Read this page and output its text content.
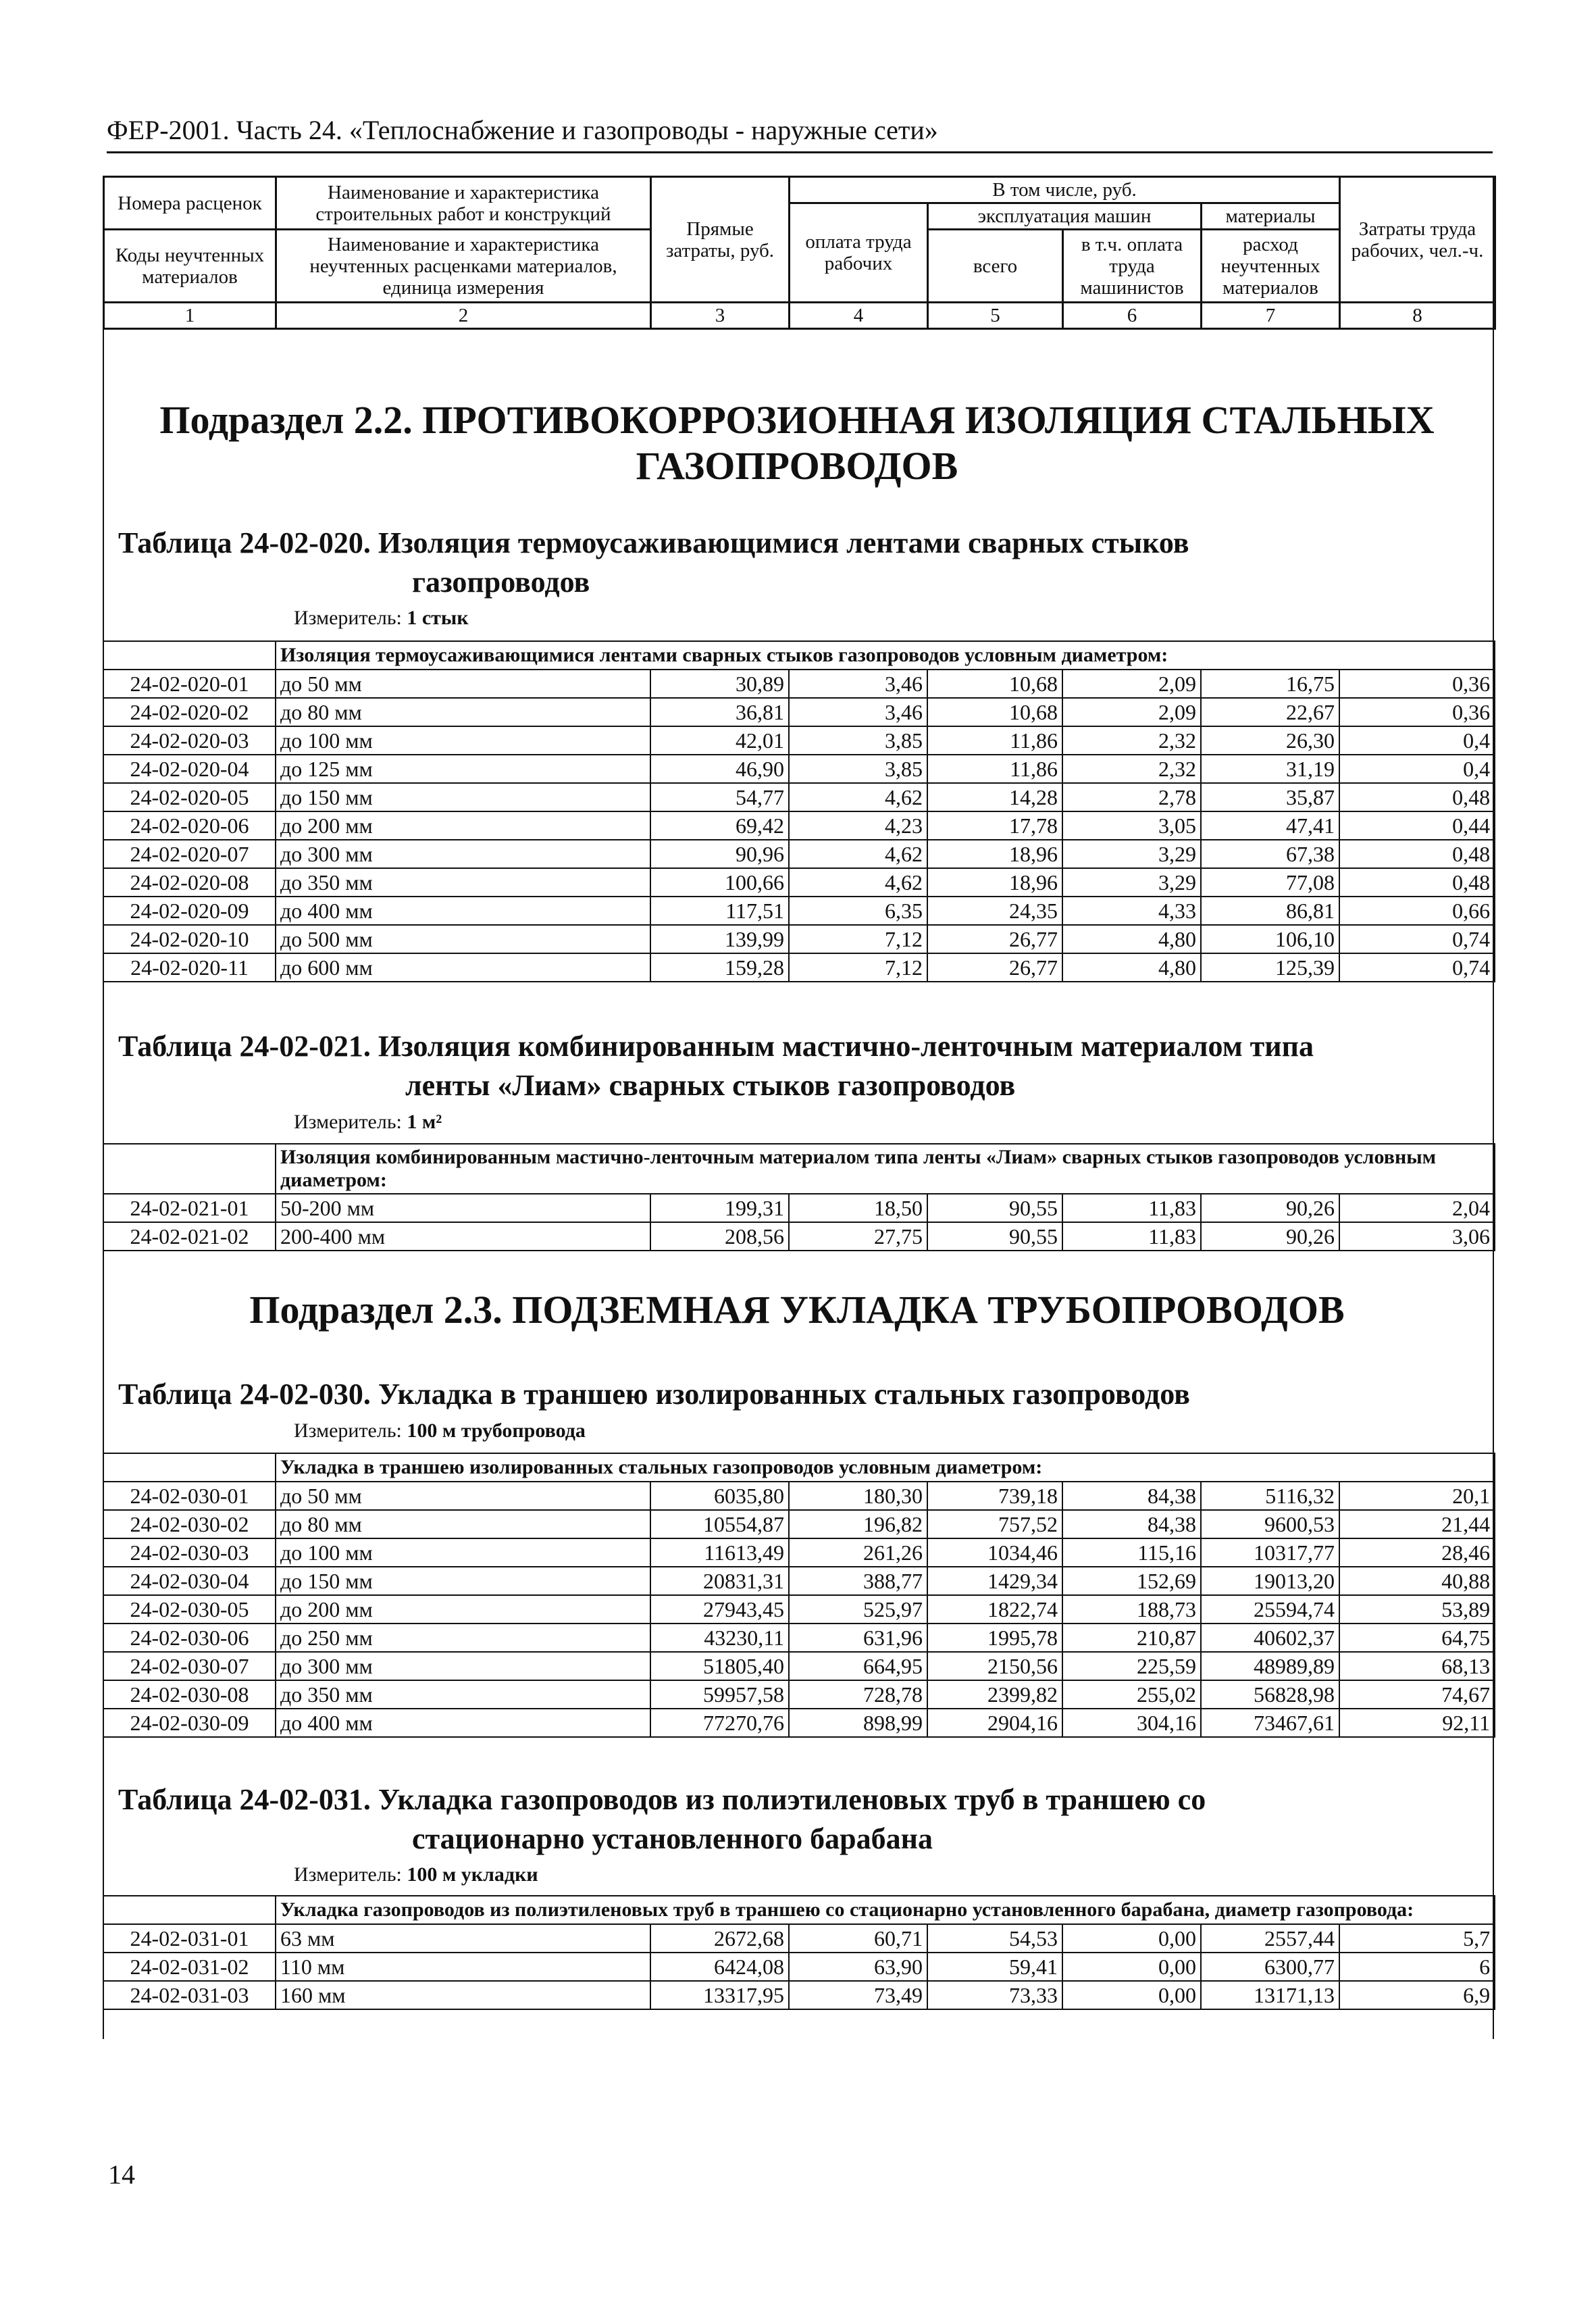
ФЕР-2001. Часть 24. «Теплоснабжение и газопроводы - наружные сети»
Номера расценок	Наименование и характеристика строительных работ и конструкций	Прямые затраты, руб.	В том числе, руб.				Затраты труда рабочих, чел.-ч.
			оплата труда рабочих	эксплуатация машин		материалы	
Коды неучтенных материалов	Наименование и характеристика неучтенных расценками материалов, единица измерения			всего	в т.ч. оплата труда машинистов	расход неучтенных материалов	

1	2	3	4	5	6	7	8
Подраздел 2.2. ПРОТИВОКОРРОЗИОННАЯ ИЗОЛЯЦИЯ СТАЛЬНЫХ ГАЗОПРОВОДОВ
Таблица 24-02-020. Изоляция термоусаживающимися лентами сварных стыков
газопроводов
Измеритель: 1 стык
	Изоляция термоусаживающимися лентами сварных стыков газопроводов условным диаметром:						
24-02-020-01	до 50 мм	30,89	3,46	10,68	2,09	16,75	0,36
24-02-020-02	до 80 мм	36,81	3,46	10,68	2,09	22,67	0,36
24-02-020-03	до 100 мм	42,01	3,85	11,86	2,32	26,30	0,4
24-02-020-04	до 125 мм	46,90	3,85	11,86	2,32	31,19	0,4
24-02-020-05	до 150 мм	54,77	4,62	14,28	2,78	35,87	0,48
24-02-020-06	до 200 мм	69,42	4,23	17,78	3,05	47,41	0,44
24-02-020-07	до 300 мм	90,96	4,62	18,96	3,29	67,38	0,48
24-02-020-08	до 350 мм	100,66	4,62	18,96	3,29	77,08	0,48
24-02-020-09	до 400 мм	117,51	6,35	24,35	4,33	86,81	0,66
24-02-020-10	до 500 мм	139,99	7,12	26,77	4,80	106,10	0,74
24-02-020-11	до 600 мм	159,28	7,12	26,77	4,80	125,39	0,74
Таблица 24-02-021. Изоляция комбинированным мастично-ленточным материалом типа
ленты «Лиам» сварных стыков газопроводов
Измеритель: 1 м²
	Изоляция комбинированным мастично-ленточным материалом типа ленты «Лиам» сварных стыков газопроводов условным диаметром:						
24-02-021-01	50-200 мм	199,31	18,50	90,55	11,83	90,26	2,04
24-02-021-02	200-400 мм	208,56	27,75	90,55	11,83	90,26	3,06
Подраздел 2.3. ПОДЗЕМНАЯ УКЛАДКА ТРУБОПРОВОДОВ
Таблица 24-02-030. Укладка в траншею изолированных стальных газопроводов
Измеритель: 100 м трубопровода
	Укладка в траншею изолированных стальных газопроводов условным диаметром:						
24-02-030-01	до 50 мм	6035,80	180,30	739,18	84,38	5116,32	20,1
24-02-030-02	до 80 мм	10554,87	196,82	757,52	84,38	9600,53	21,44
24-02-030-03	до 100 мм	11613,49	261,26	1034,46	115,16	10317,77	28,46
24-02-030-04	до 150 мм	20831,31	388,77	1429,34	152,69	19013,20	40,88
24-02-030-05	до 200 мм	27943,45	525,97	1822,74	188,73	25594,74	53,89
24-02-030-06	до 250 мм	43230,11	631,96	1995,78	210,87	40602,37	64,75
24-02-030-07	до 300 мм	51805,40	664,95	2150,56	225,59	48989,89	68,13
24-02-030-08	до 350 мм	59957,58	728,78	2399,82	255,02	56828,98	74,67
24-02-030-09	до 400 мм	77270,76	898,99	2904,16	304,16	73467,61	92,11
Таблица 24-02-031. Укладка газопроводов из полиэтиленовых труб в траншею со
стационарно установленного барабана
Измеритель: 100 м укладки
	Укладка газопроводов из полиэтиленовых труб в траншею со стационарно установленного барабана, диаметр газопровода:						
24-02-031-01	63 мм	2672,68	60,71	54,53	0,00	2557,44	5,7
24-02-031-02	110 мм	6424,08	63,90	59,41	0,00	6300,77	6
24-02-031-03	160 мм	13317,95	73,49	73,33	0,00	13171,13	6,9
14
